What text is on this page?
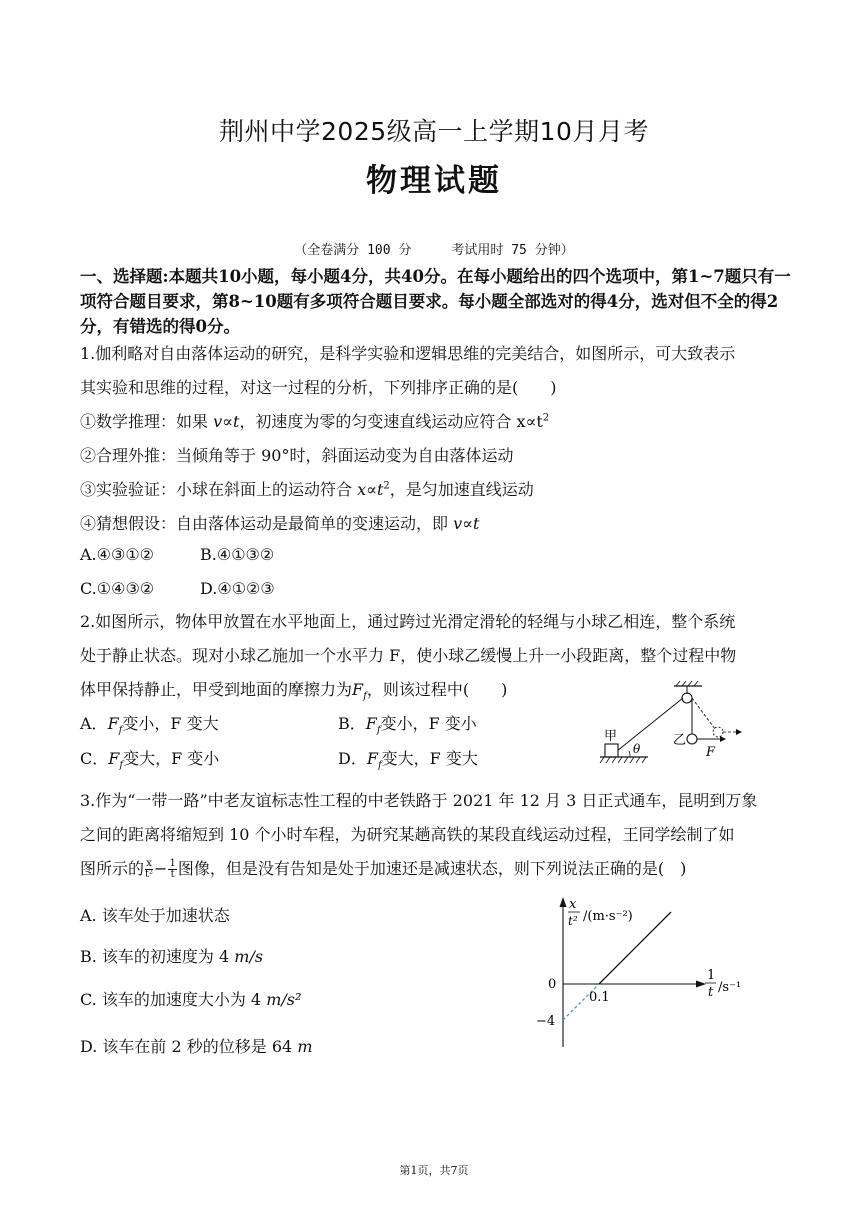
荆州中学2025级高一上学期10月月考
物理试题
（全卷满分 100 分	考试用时 75 分钟）
一、选择题:本题共10小题，每小题4分，共40分。在每小题给出的四个选项中，第1~7题只有一项符合题目要求，第8~10题有多项符合题目要求。每小题全部选对的得4分，选对但不全的得2分，有错选的得0分。
1.伽利略对自由落体运动的研究，是科学实验和逻辑思维的完美结合，如图所示，可大致表示
其实验和思维的过程，对这一过程的分析，下列排序正确的是(　　)
①数学推理：如果 v∝t，初速度为零的匀变速直线运动应符合 $x\propto t^2$
②合理外推：当倾角等于 90°时，斜面运动变为自由落体运动
③实验验证：小球在斜面上的运动符合 $x\propto t^2$，是匀加速直线运动
④猜想假设：自由落体运动是最简单的变速运动，即 v∝t
A.④③①②	B.④①③②
C.①④③②	D.④①②③
2.如图所示，物体甲放置在水平地面上，通过跨过光滑定滑轮的轻绳与小球乙相连，整个系统
处于静止状态。现对小球乙施加一个水平力 F，使小球乙缓慢上升一小段距离，整个过程中物
体甲保持静止，甲受到地面的摩擦力为$F_f$，则该过程中(　　)
A．$F_f$变小，F 变大	B．$F_f$变小，F 变小
C．$F_f$变大，F 变小	D．$F_f$变大，F 变大	F
乙
甲
θ
3.作为“一带一路”中老友谊标志性工程的中老铁路于 2021 年 12 月 3 日正式通车，昆明到万象
之间的距离将缩短到 10 个小时车程，为研究某趟高铁的某段直线运动过程，王同学绘制了如
图所示的 $\frac{x}{\text{t²}} - \frac{1}{t}$ 图像，但是没有告知是处于加速还是减速状态，则下列说法正确的是(　)
A. 该车处于加速状态
B. 该车的初速度为 4 m/s
C. 该车的加速度大小为 4 m/s²
D. 该车在前 2 秒的位移是 64 m
x
t² /(m·s⁻²)
1
t /s⁻¹
0
0.1
−4
第1页，共7页
